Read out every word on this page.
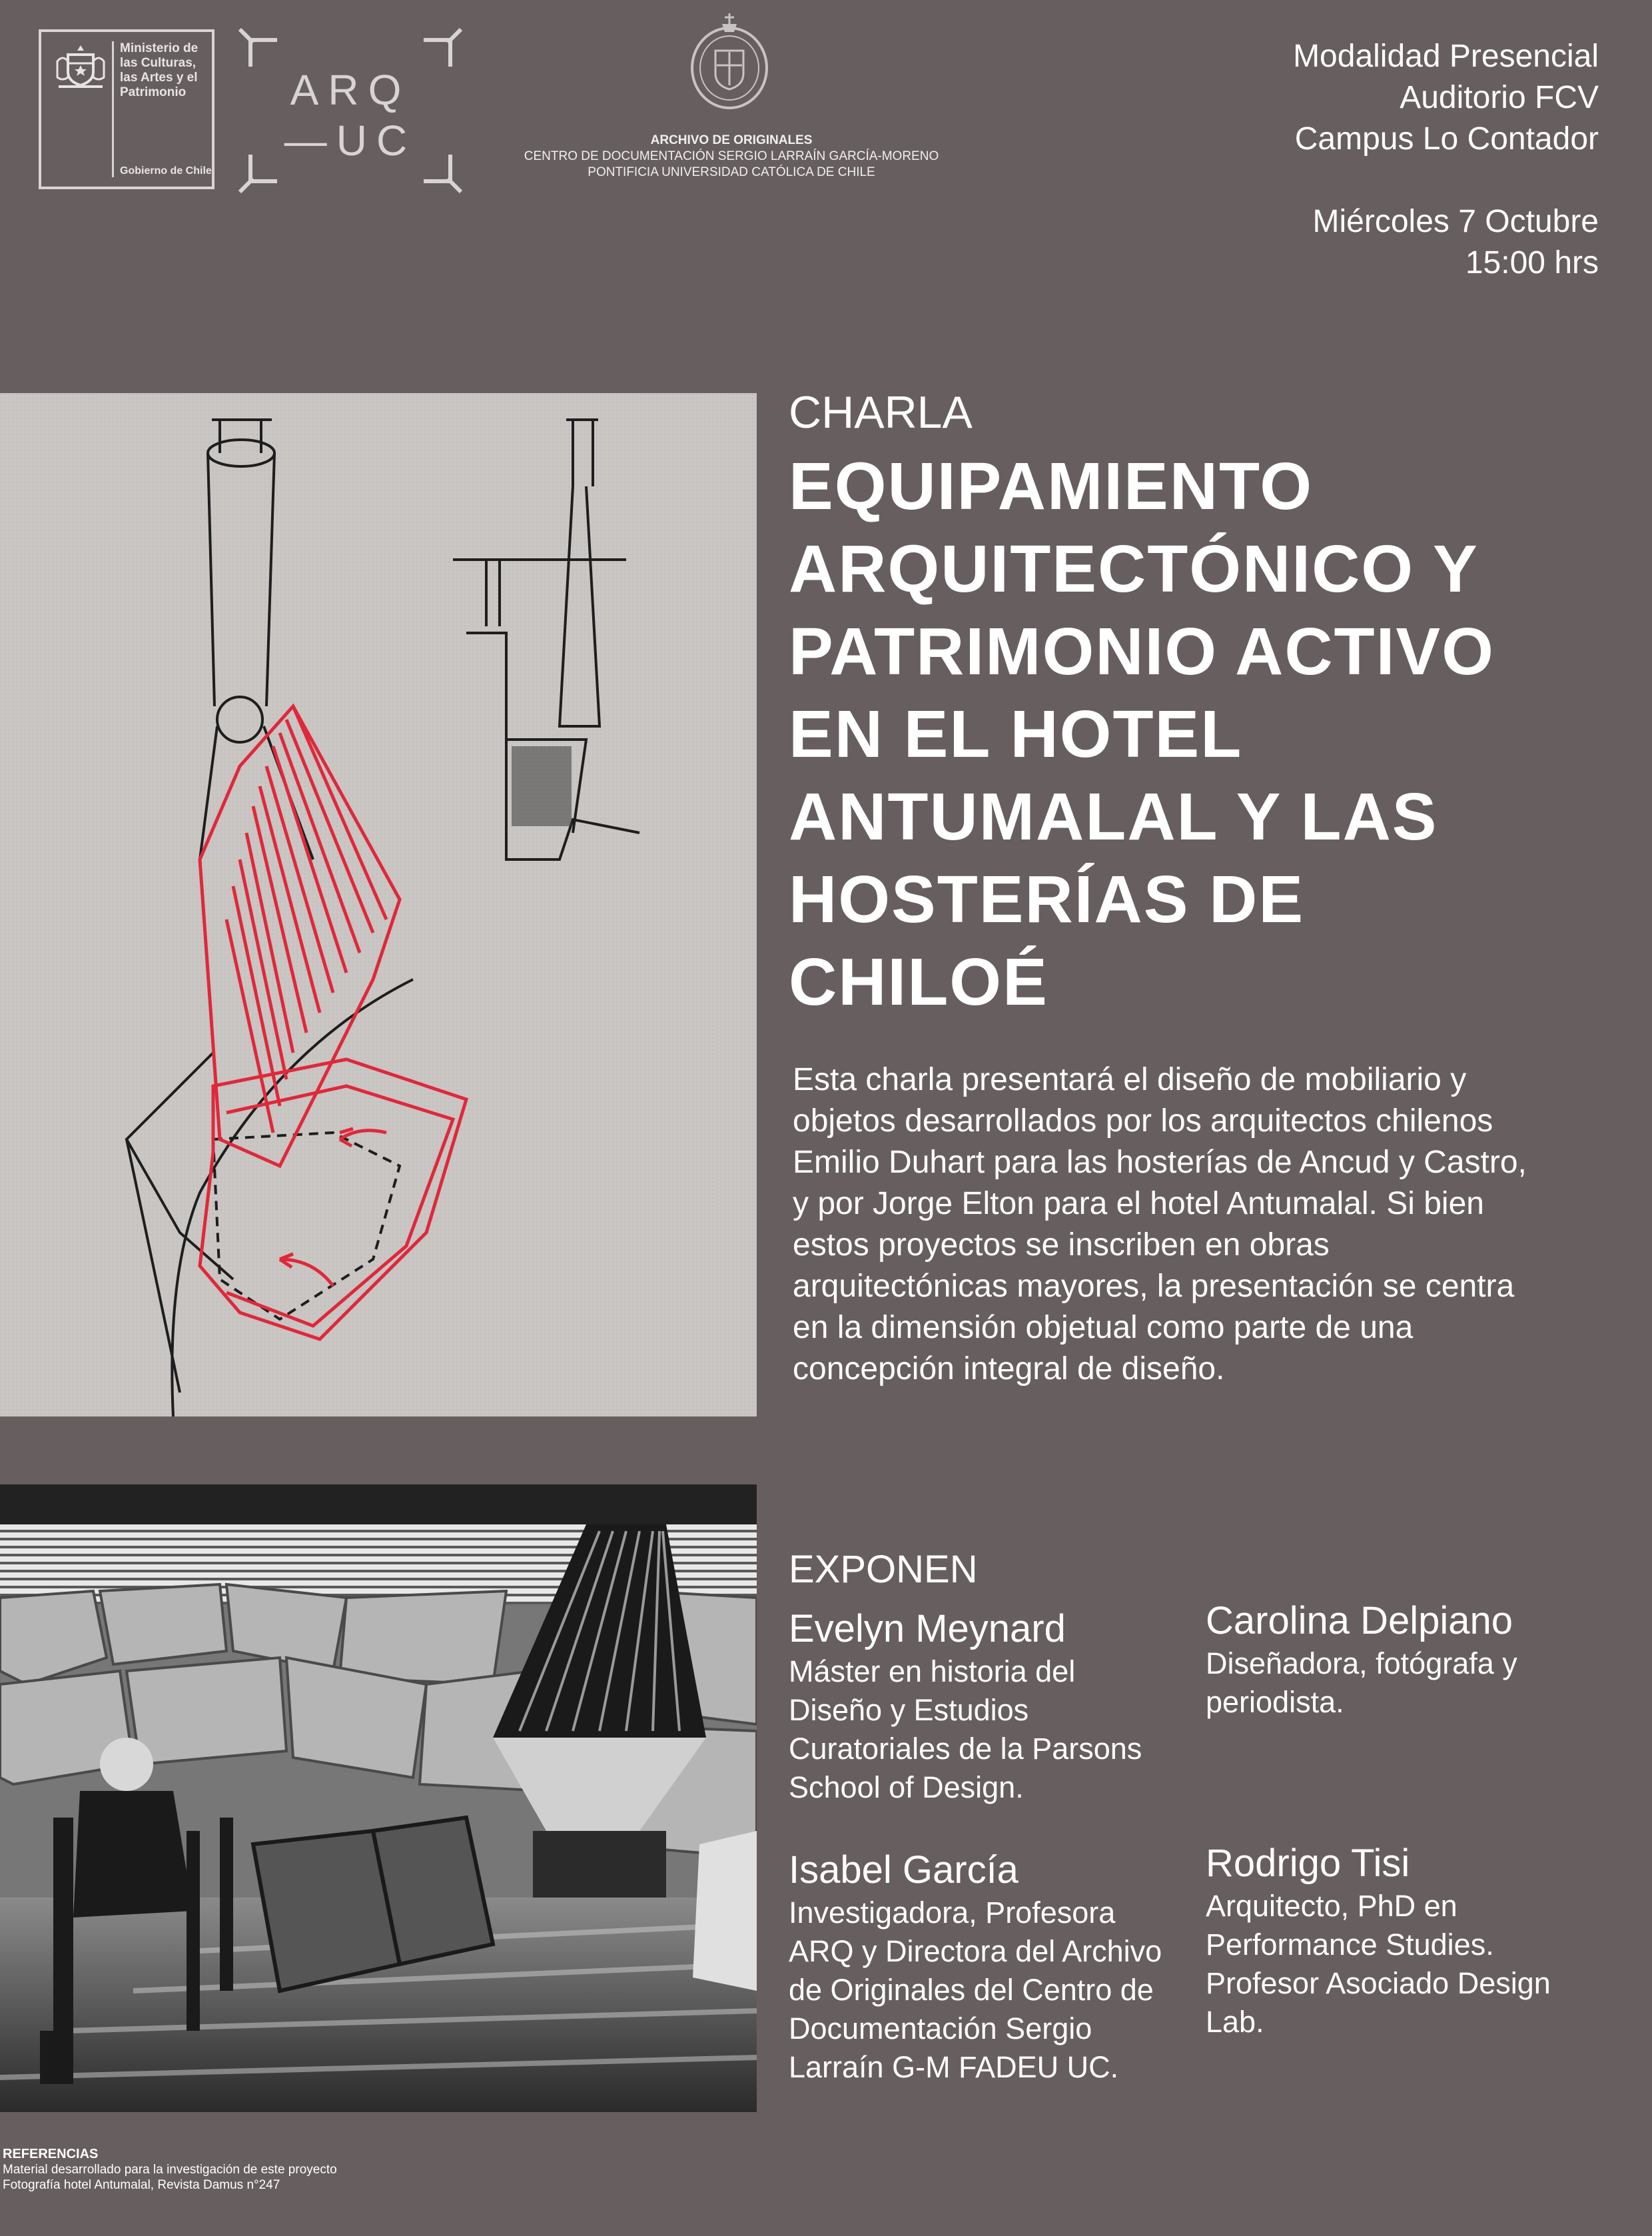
Ministerio de
las Culturas,
las Artes y el
Patrimonio
Gobierno de Chile
ARQ
—UC	ARCHIVO DE ORIGINALES
CENTRO DE DOCUMENTACIÓN SERGIO LARRAÍN GARCÍA-MORENO
PONTIFICIA UNIVERSIDAD CATÓLICA DE CHILE
Modalidad Presencial
Auditorio FCV
Campus Lo Contador
Miércoles 7 Octubre
15:00 hrs
CHARLA
EQUIPAMIENTO
ARQUITECTÓNICO Y
PATRIMONIO ACTIVO
EN EL HOTEL
ANTUMALAL Y LAS
HOSTERÍAS DE
CHILOÉ
Esta charla presentará el diseño de mobiliario y
objetos desarrollados por los arquitectos chilenos
Emilio Duhart para las hosterías de Ancud y Castro,
y por Jorge Elton para el hotel Antumalal. Si bien
estos proyectos se inscriben en obras
arquitectónicas mayores, la presentación se centra
en la dimensión objetual como parte de una
concepción integral de diseño.
EXPONEN
Evelyn Meynard
Máster en historia del
Diseño y Estudios
Curatoriales de la Parsons
School of Design.
Carolina Delpiano
Diseñadora, fotógrafa y
periodista.
Isabel García
Investigadora, Profesora
ARQ y Directora del Archivo
de Originales del Centro de
Documentación Sergio
Larraín G-M FADEU UC.
Rodrigo Tisi
Arquitecto, PhD en
Performance Studies.
Profesor Asociado Design
Lab.
REFERENCIAS
Material desarrollado para la investigación de este proyecto
Fotografía hotel Antumalal, Revista Damus n°247
